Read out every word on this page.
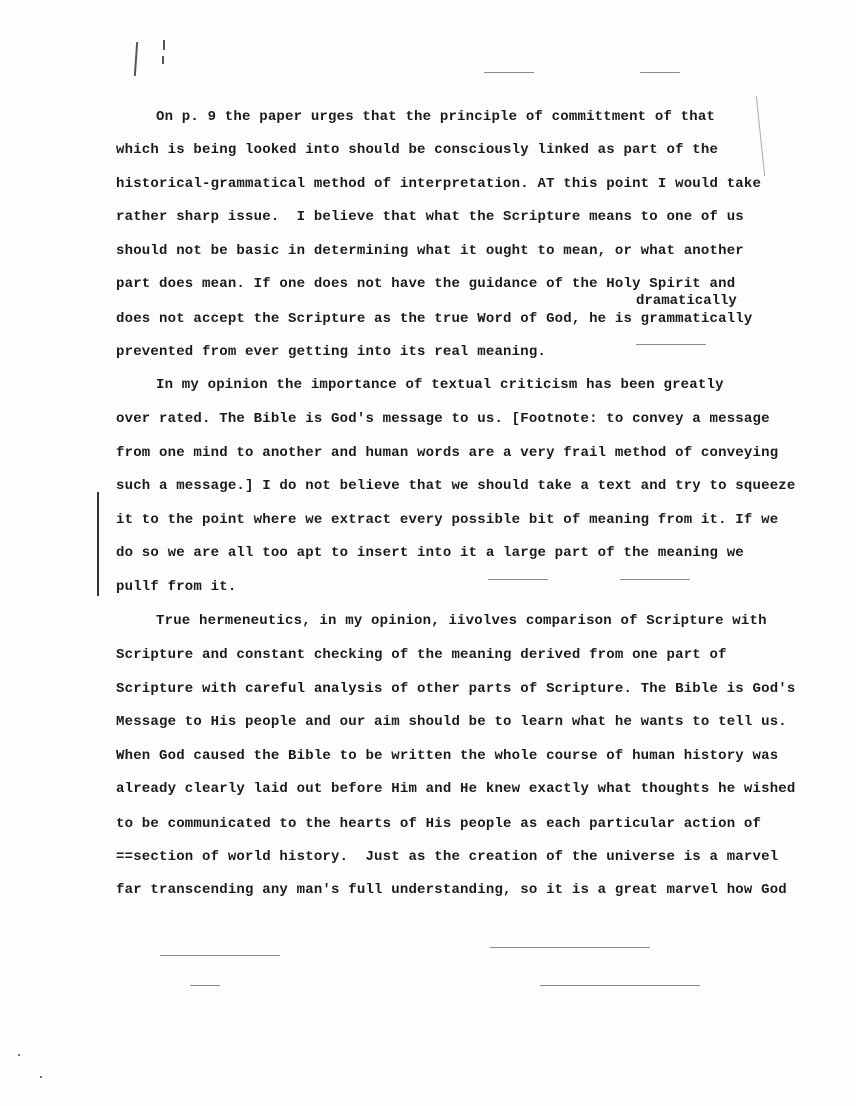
On p. 9 the paper urges that the principle of committment of that
which is being looked into should be consciously linked as part of the
historical-grammatical method of interpretation. AT this point I would take
rather sharp issue.  I believe that what the Scripture means to one of us
should not be basic in determining what it ought to mean, or what another
part does mean. If one does not have the guidance of the Holy Spirit and
dramatically
does not accept the Scripture as the true Word of God, he is grammatically
prevented from ever getting into its real meaning.
In my opinion the importance of textual criticism has been greatly
over rated. The Bible is God's message to us. [Footnote: to convey a message
from one mind to another and human words are a very frail method of conveying
such a message.] I do not believe that we should take a text and try to squeeze
it to the point where we extract every possible bit of meaning from it. If we
do so we are all too apt to insert into it a large part of the meaning we
pullf from it.
True hermeneutics, in my opinion, iivolves comparison of Scripture with
Scripture and constant checking of the meaning derived from one part of
Scripture with careful analysis of other parts of Scripture. The Bible is God's
Message to His people and our aim should be to learn what he wants to tell us.
When God caused the Bible to be written the whole course of human history was
already clearly laid out before Him and He knew exactly what thoughts he wished
to be communicated to the hearts of His people as each particular action of
==section of world history.  Just as the creation of the universe is a marvel
far transcending any man's full understanding, so it is a great marvel how God
